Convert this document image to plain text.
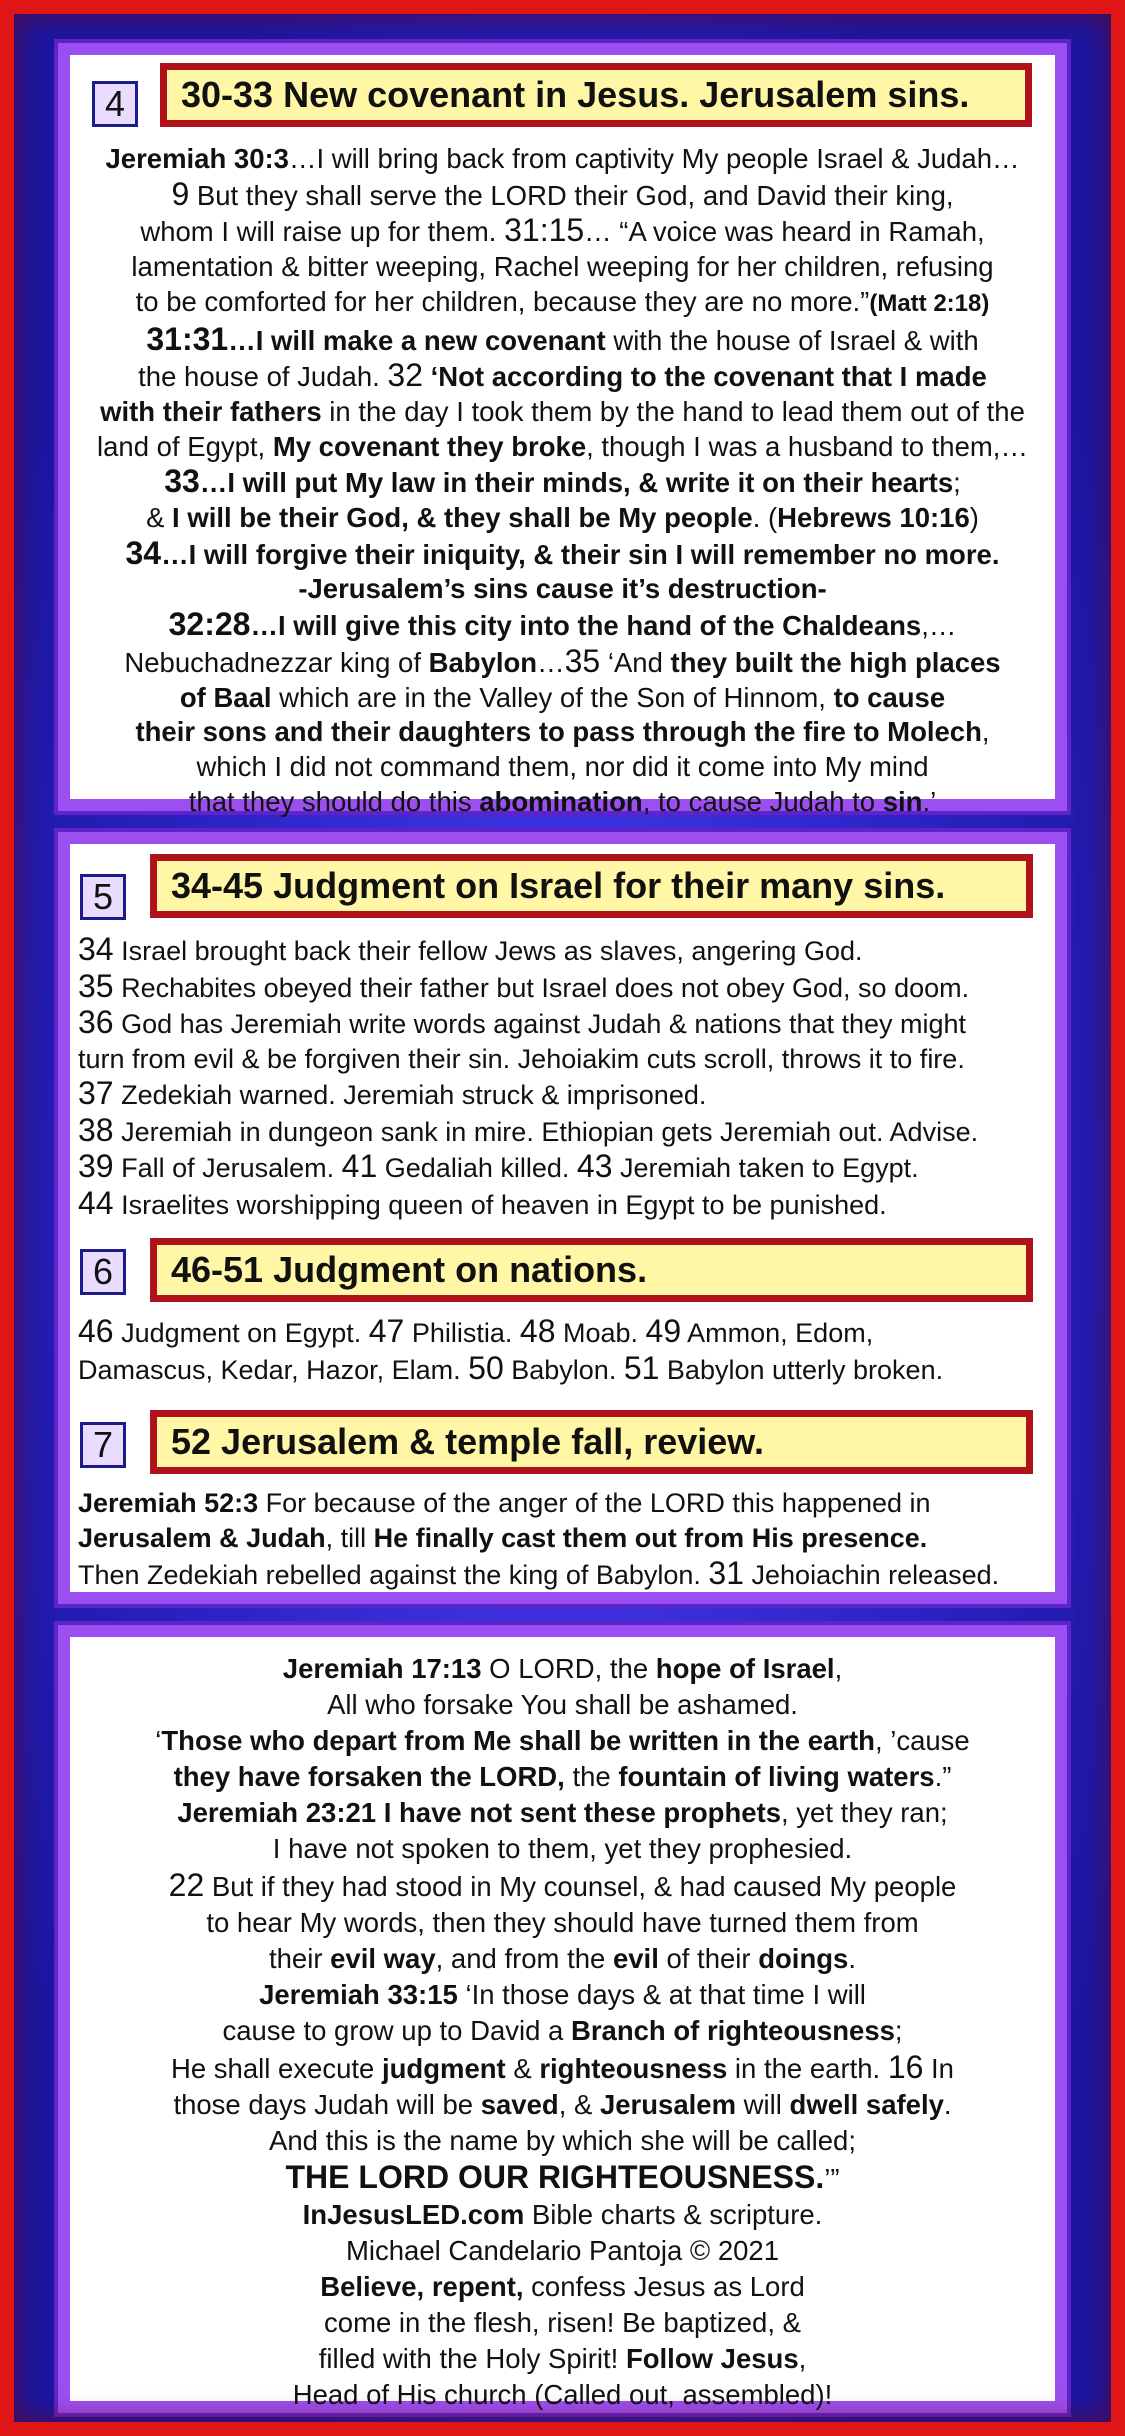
4	30-33 New covenant in Jesus. Jerusalem sins.
Jeremiah 30:3…I will bring back from captivity My people Israel & Judah…
9 But they shall serve the LORD their God, and David their king,
whom I will raise up for them. 31:15… “A voice was heard in Ramah,
lamentation & bitter weeping, Rachel weeping for her children, refusing
to be comforted for her children, because they are no more.”(Matt 2:18)
31:31…I will make a new covenant with the house of Israel & with
the house of Judah. 32 ‘Not according to the covenant that I made
with their fathers in the day I took them by the hand to lead them out of the
land of Egypt, My covenant they broke, though I was a husband to them,…
33…I will put My law in their minds, & write it on their hearts;
& I will be their God, & they shall be My people. (Hebrews 10:16)
34…I will forgive their iniquity, & their sin I will remember no more.
-Jerusalem’s sins cause it’s destruction-
32:28…I will give this city into the hand of the Chaldeans,…
Nebuchadnezzar king of Babylon…35 ‘And they built the high places
of Baal which are in the Valley of the Son of Hinnom, to cause
their sons and their daughters to pass through the fire to Molech,
which I did not command them, nor did it come into My mind
that they should do this abomination, to cause Judah to sin.’
5	34-45 Judgment on Israel for their many sins.
34 Israel brought back their fellow Jews as slaves, angering God.
35 Rechabites obeyed their father but Israel does not obey God, so doom.
36 God has Jeremiah write words against Judah & nations that they might
turn from evil & be forgiven their sin. Jehoiakim cuts scroll, throws it to fire.
37 Zedekiah warned. Jeremiah struck & imprisoned.
38 Jeremiah in dungeon sank in mire. Ethiopian gets Jeremiah out. Advise.
39 Fall of Jerusalem. 41 Gedaliah killed. 43 Jeremiah taken to Egypt.
44 Israelites worshipping queen of heaven in Egypt to be punished.
6	46-51 Judgment on nations.
46 Judgment on Egypt. 47 Philistia. 48 Moab. 49 Ammon, Edom,
Damascus, Kedar, Hazor, Elam. 50 Babylon. 51 Babylon utterly broken.
7	52 Jerusalem & temple fall, review.
Jeremiah 52:3 For because of the anger of the LORD this happened in
Jerusalem & Judah, till He finally cast them out from His presence.
Then Zedekiah rebelled against the king of Babylon. 31 Jehoiachin released.
Jeremiah 17:13 O LORD, the hope of Israel,
All who forsake You shall be ashamed.
‘Those who depart from Me shall be written in the earth, ’cause
they have forsaken the LORD, the fountain of living waters.”
Jeremiah 23:21 I have not sent these prophets, yet they ran;
I have not spoken to them, yet they prophesied.
22 But if they had stood in My counsel, & had caused My people
to hear My words, then they should have turned them from
their evil way, and from the evil of their doings.
Jeremiah 33:15 ‘In those days & at that time I will
cause to grow up to David a Branch of righteousness;
He shall execute judgment & righteousness in the earth. 16 In
those days Judah will be saved, & Jerusalem will dwell safely.
And this is the name by which she will be called;
THE LORD OUR RIGHTEOUSNESS.’”
InJesusLED.com Bible charts & scripture.
Michael Candelario Pantoja © 2021
Believe, repent, confess Jesus as Lord
come in the flesh, risen! Be baptized, &
filled with the Holy Spirit! Follow Jesus,
Head of His church (Called out, assembled)!
